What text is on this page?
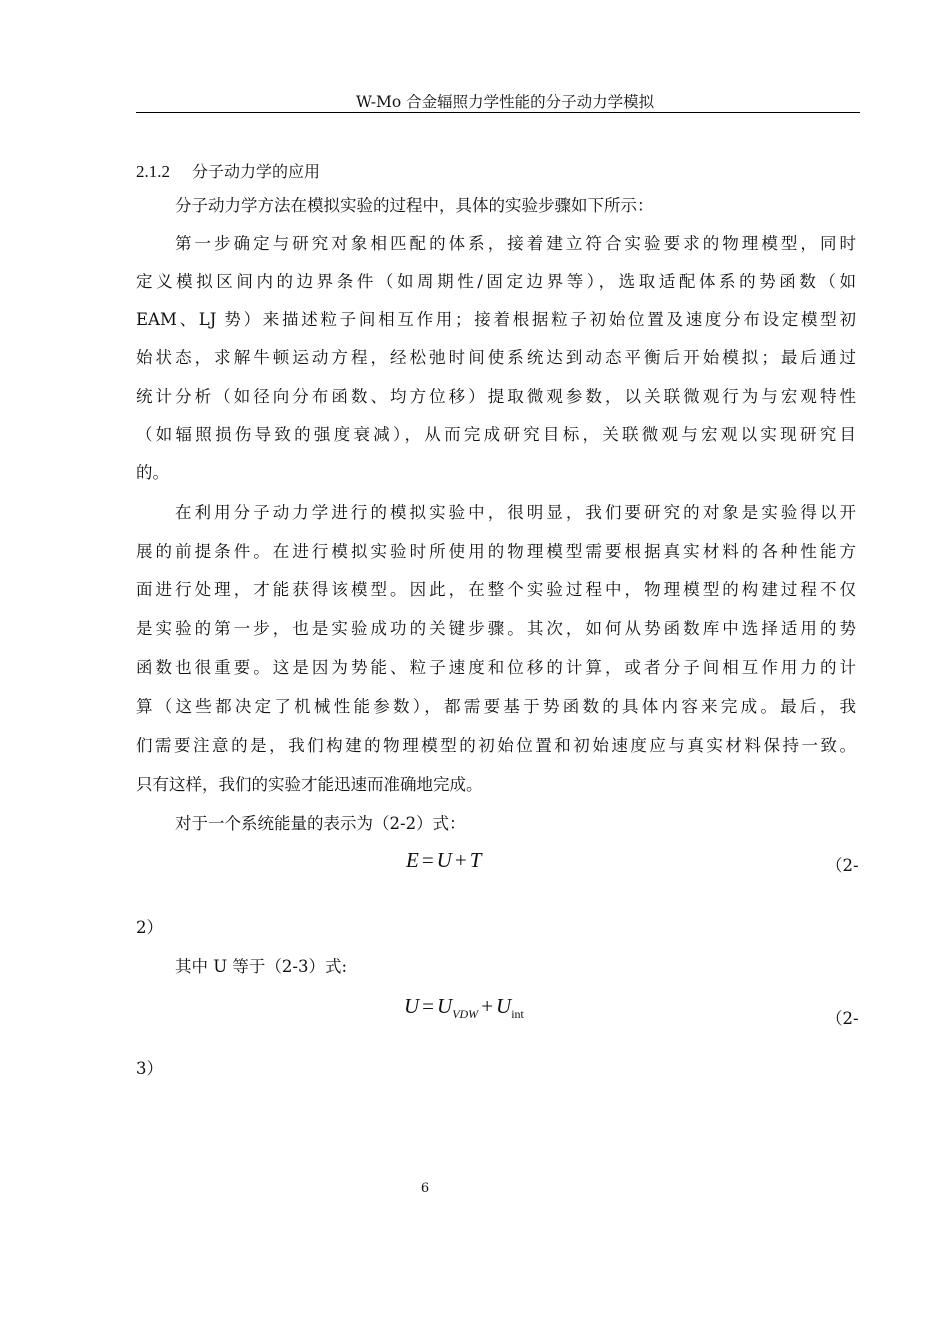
W-Mo 合金辐照力学性能的分子动力学模拟
2.1.2 分子动力学的应用
分子动力学方法在模拟实验的过程中，具体的实验步骤如下所示：
第一步确定与研究对象相匹配的体系，接着建立符合实验要求的物理模型，同时
定义模拟区间内的边界条件（如周期性/固定边界等），选取适配体系的势函数（如
EAM、LJ 势）来描述粒子间相互作用；接着根据粒子初始位置及速度分布设定模型初
始状态，求解牛顿运动方程，经松弛时间使系统达到动态平衡后开始模拟；最后通过
统计分析（如径向分布函数、均方位移）提取微观参数，以关联微观行为与宏观特性
（如辐照损伤导致的强度衰减），从而完成研究目标，关联微观与宏观以实现研究目
的。
在利用分子动力学进行的模拟实验中，很明显，我们要研究的对象是实验得以开
展的前提条件。在进行模拟实验时所使用的物理模型需要根据真实材料的各种性能方
面进行处理，才能获得该模型。因此，在整个实验过程中，物理模型的构建过程不仅
是实验的第一步，也是实验成功的关键步骤。其次，如何从势函数库中选择适用的势
函数也很重要。这是因为势能、粒子速度和位移的计算，或者分子间相互作用力的计
算（这些都决定了机械性能参数），都需要基于势函数的具体内容来完成。最后，我
们需要注意的是，我们构建的物理模型的初始位置和初始速度应与真实材料保持一致。
只有这样，我们的实验才能迅速而准确地完成。
对于一个系统能量的表示为（2-2）式：
E = U + T	（2-
2）
其中 U 等于（2-3）式:
$U = U_{VDW} + U_{int}$	（2-
3）
6
